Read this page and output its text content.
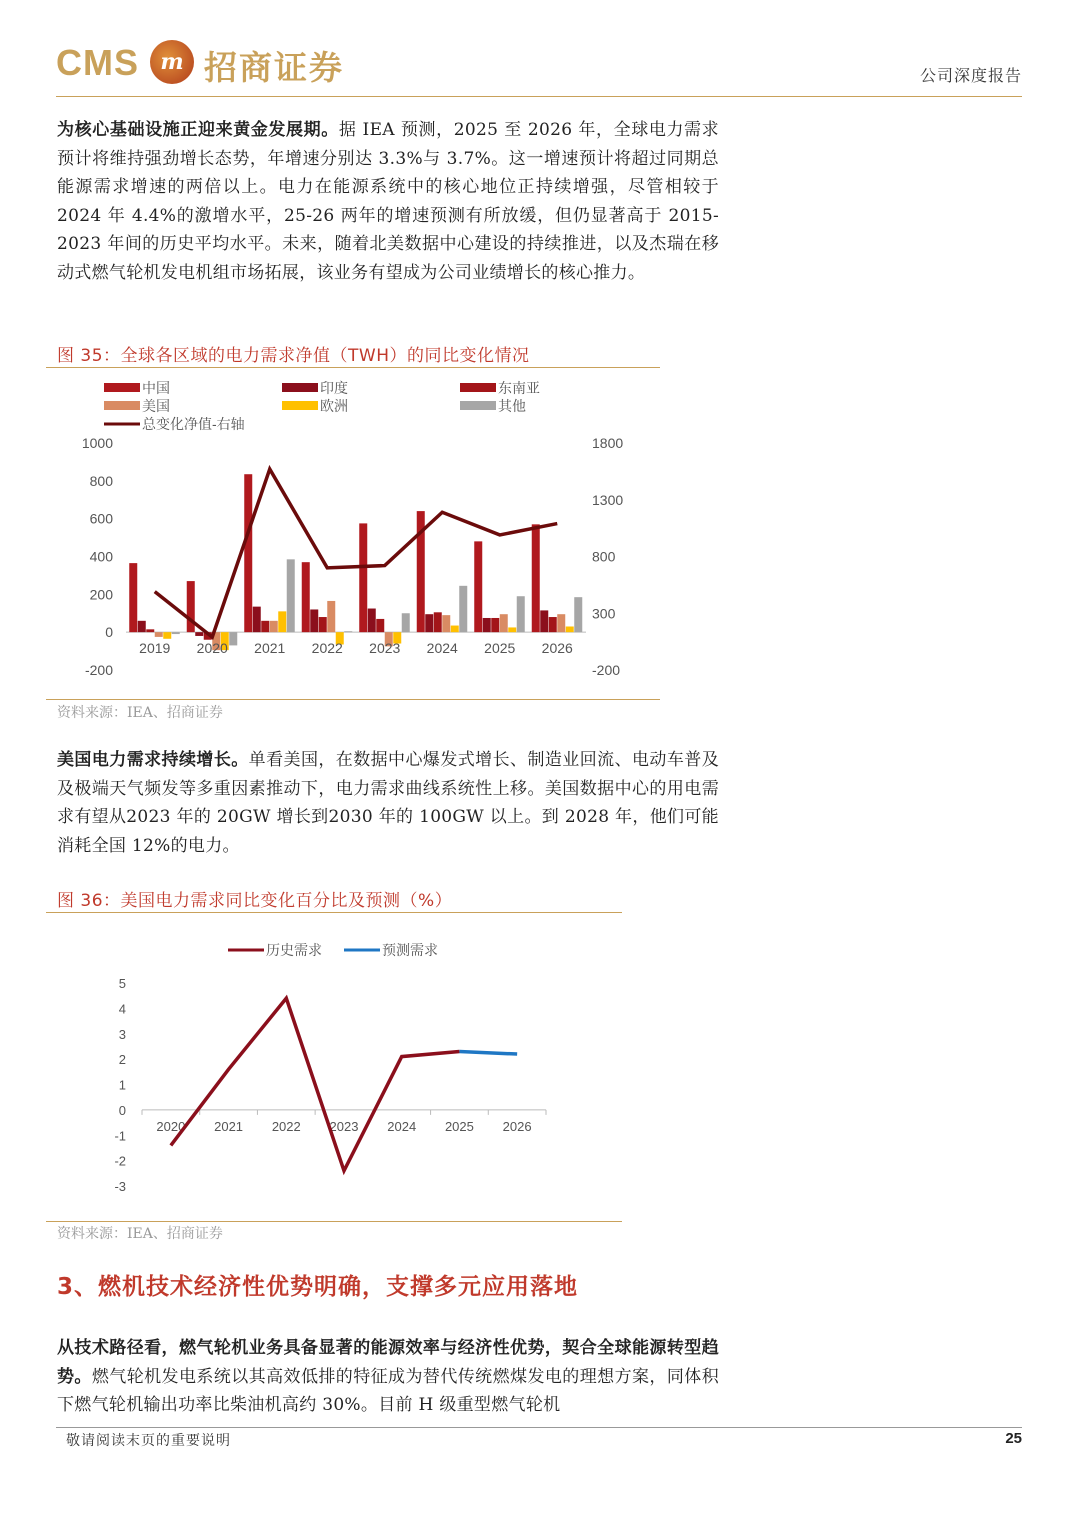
CMS m 招商证券	公司深度报告
为核心基础设施正迎来黄金发展期。据 IEA 预测，2025 至 2026 年，全球电力需求预计将维持强劲增长态势，年增速分别达 3.3%与 3.7%。这一增速预计将超过同期总能源需求增速的两倍以上。电力在能源系统中的核心地位正持续增强，尽管相较于 2024 年 4.4%的激增水平，25-26 两年的增速预测有所放缓，但仍显著高于 2015-2023 年间的历史平均水平。未来，随着北美数据中心建设的持续推进，以及杰瑞在移动式燃气轮机发电机组市场拓展，该业务有望成为公司业绩增长的核心推力。
图 35：全球各区域的电力需求净值（TWH）的同比变化情况
中国	印度	东南亚
美国	欧洲	其他
总变化净值-右轴
1000
800
600
400
200
0
-200
1800
1300
800
300
-200
2019 2020 2021 2022 2023 2024 2025 2026
资料来源：IEA、招商证券
美国电力需求持续增长。单看美国，在数据中心爆发式增长、制造业回流、电动车普及及极端天气频发等多重因素推动下，电力需求曲线系统性上移。美国数据中心的用电需求有望从2023 年的 20GW 增长到2030 年的 100GW 以上。到 2028 年，他们可能消耗全国 12%的电力。
图 36：美国电力需求同比变化百分比及预测（%）
历史需求	预测需求
5
4
3
2
1
0
-1
-2
-3
2020 2021 2022 2023 2024 2025 2026
资料来源：IEA、招商证券
3、燃机技术经济性优势明确，支撑多元应用落地
从技术路径看，燃气轮机业务具备显著的能源效率与经济性优势，契合全球能源转型趋势。燃气轮机发电系统以其高效低排的特征成为替代传统燃煤发电的理想方案，同体积下燃气轮机输出功率比柴油机高约 30%。目前 H 级重型燃气轮机
敬请阅读末页的重要说明	25
